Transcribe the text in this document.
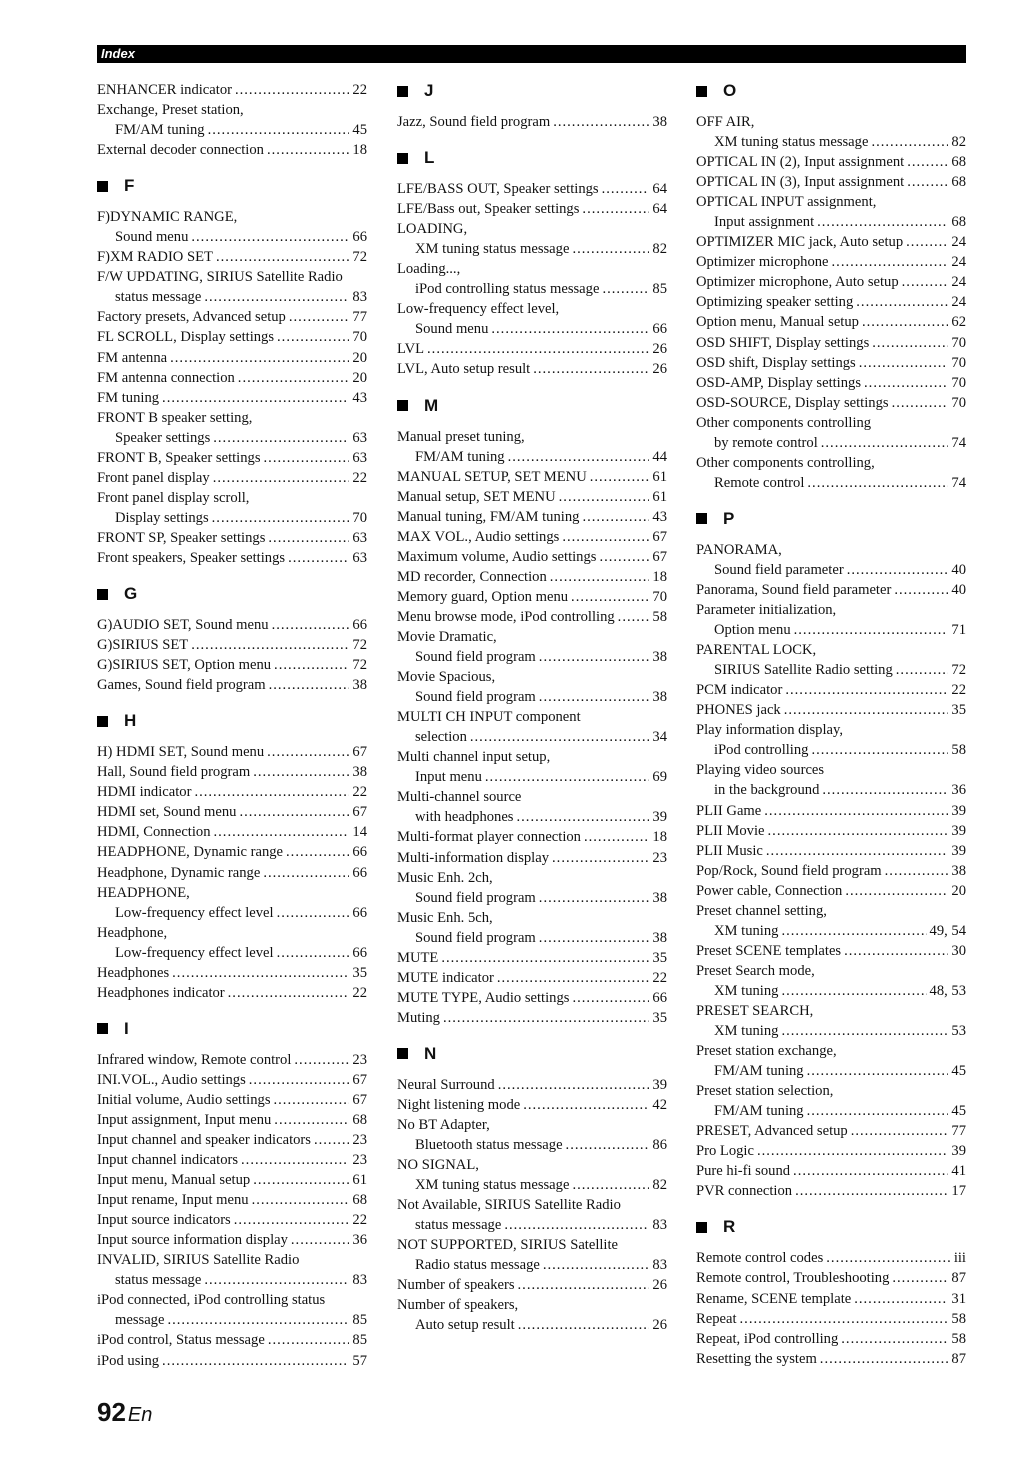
Index
ENHANCER indicator .....	22
Exchange, Preset station,
FM/AM tuning .....	45
External decoder connection .....	18
F
F)DYNAMIC RANGE,
Sound menu .....	66
F)XM RADIO SET .....	72
F/W UPDATING, SIRIUS Satellite Radio
status message .....	83
Factory presets, Advanced setup .....	77
FL SCROLL, Display settings .....	70
FM antenna .....	20
FM antenna connection .....	20
FM tuning .....	43
FRONT B speaker setting,
Speaker settings .....	63
FRONT B, Speaker settings .....	63
Front panel display .....	22
Front panel display scroll,
Display settings .....	70
FRONT SP, Speaker settings .....	63
Front speakers, Speaker settings .....	63
G
G)AUDIO SET, Sound menu .....	66
G)SIRIUS SET .....	72
G)SIRIUS SET, Option menu .....	72
Games, Sound field program .....	38
H
H) HDMI SET, Sound menu .....	67
Hall, Sound field program .....	38
HDMI indicator .....	22
HDMI set, Sound menu .....	67
HDMI, Connection .....	14
HEADPHONE, Dynamic range .....	66
Headphone, Dynamic range .....	66
HEADPHONE,
Low-frequency effect level .....	66
Headphone,
Low-frequency effect level .....	66
Headphones .....	35
Headphones indicator .....	22
I
Infrared window, Remote control .....	23
INI.VOL., Audio settings .....	67
Initial volume, Audio settings .....	67
Input assignment, Input menu .....	68
Input channel and speaker indicators .....	23
Input channel indicators .....	23
Input menu, Manual setup .....	61
Input rename, Input menu .....	68
Input source indicators .....	22
Input source information display .....	36
INVALID, SIRIUS Satellite Radio
status message .....	83
iPod connected, iPod controlling status
message .....	85
iPod control, Status message .....	85
iPod using .....	57
J
Jazz, Sound field program .....	38
L
LFE/BASS OUT, Speaker settings .....	64
LFE/Bass out, Speaker settings .....	64
LOADING,
XM tuning status message .....	82
Loading...,
iPod controlling status message .....	85
Low-frequency effect level,
Sound menu .....	66
LVL .....	26
LVL, Auto setup result .....	26
M
Manual preset tuning,
FM/AM tuning .....	44
MANUAL SETUP, SET MENU .....	61
Manual setup, SET MENU .....	61
Manual tuning, FM/AM tuning .....	43
MAX VOL., Audio settings .....	67
Maximum volume, Audio settings .....	67
MD recorder, Connection .....	18
Memory guard, Option menu .....	70
Menu browse mode, iPod controlling .....	58
Movie Dramatic,
Sound field program .....	38
Movie Spacious,
Sound field program .....	38
MULTI CH INPUT component
selection .....	34
Multi channel input setup,
Input menu .....	69
Multi-channel source
with headphones .....	39
Multi-format player connection .....	18
Multi-information display .....	23
Music Enh. 2ch,
Sound field program .....	38
Music Enh. 5ch,
Sound field program .....	38
MUTE .....	35
MUTE indicator .....	22
MUTE TYPE, Audio settings .....	66
Muting .....	35
N
Neural Surround .....	39
Night listening mode .....	42
No BT Adapter,
Bluetooth status message .....	86
NO SIGNAL,
XM tuning status message .....	82
Not Available, SIRIUS Satellite Radio
status message .....	83
NOT SUPPORTED, SIRIUS Satellite
Radio status message .....	83
Number of speakers .....	26
Number of speakers,
Auto setup result .....	26
O
OFF AIR,
XM tuning status message .....	82
OPTICAL IN (2), Input assignment .....	68
OPTICAL IN (3), Input assignment .....	68
OPTICAL INPUT assignment,
Input assignment .....	68
OPTIMIZER MIC jack, Auto setup .....	24
Optimizer microphone .....	24
Optimizer microphone, Auto setup .....	24
Optimizing speaker setting .....	24
Option menu, Manual setup .....	62
OSD SHIFT, Display settings .....	70
OSD shift, Display settings .....	70
OSD-AMP, Display settings .....	70
OSD-SOURCE, Display settings .....	70
Other components controlling
by remote control .....	74
Other components controlling,
Remote control .....	74
P
PANORAMA,
Sound field parameter .....	40
Panorama, Sound field parameter .....	40
Parameter initialization,
Option menu .....	71
PARENTAL LOCK,
SIRIUS Satellite Radio setting .....	72
PCM indicator .....	22
PHONES jack .....	35
Play information display,
iPod controlling .....	58
Playing video sources
in the background .....	36
PLII Game .....	39
PLII Movie .....	39
PLII Music .....	39
Pop/Rock, Sound field program .....	38
Power cable, Connection .....	20
Preset channel setting,
XM tuning .....	49, 54
Preset SCENE templates .....	30
Preset Search mode,
XM tuning .....	48, 53
PRESET SEARCH,
XM tuning .....	53
Preset station exchange,
FM/AM tuning .....	45
Preset station selection,
FM/AM tuning .....	45
PRESET, Advanced setup .....	77
Pro Logic .....	39
Pure hi-fi sound .....	41
PVR connection .....	17
R
Remote control codes .....	iii
Remote control, Troubleshooting .....	87
Rename, SCENE template .....	31
Repeat .....	58
Repeat, iPod controlling .....	58
Resetting the system .....	87
92 En
